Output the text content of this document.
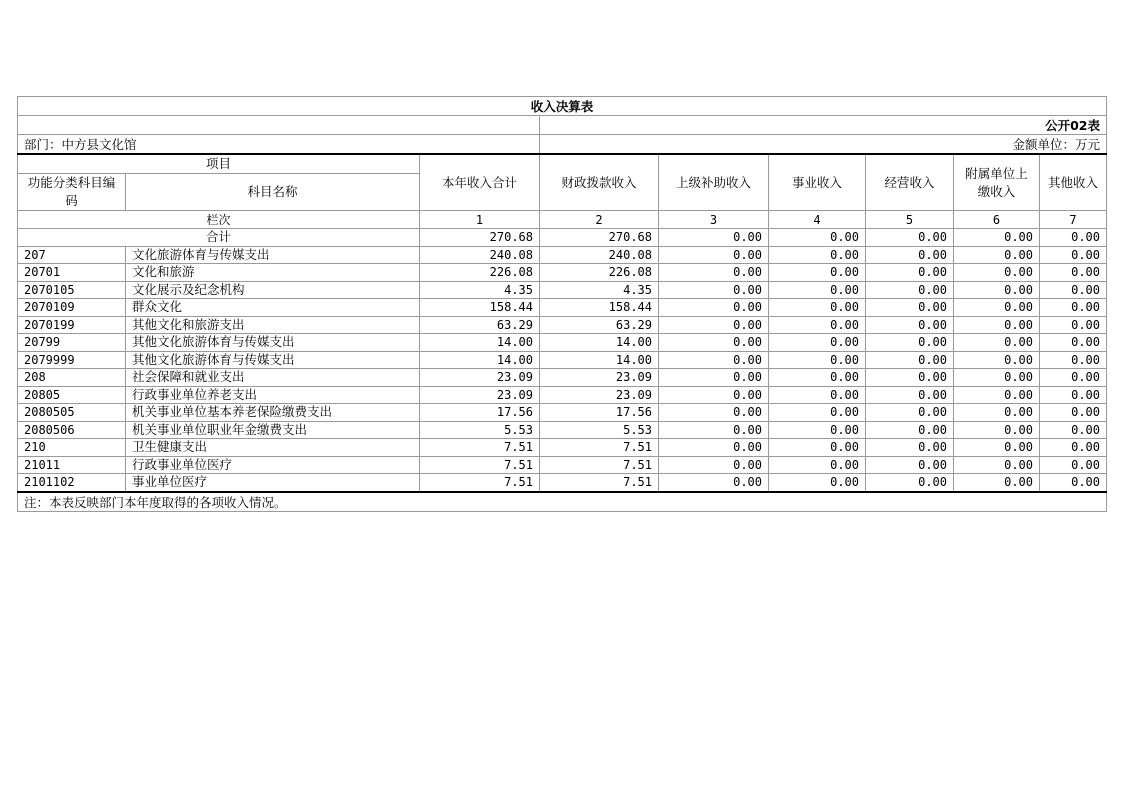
收入决算表								
			公开02表					
部门：中方县文化馆			金额单位：万元					
项目		本年收入合计	财政拨款收入	上级补助收入	事业收入	经营收入	附属单位上缴收入	其他收入
功能分类科目编码	科目名称							
栏次		1	2	3	4	5	6	7
合计		270.68	270.68	0.00	0.00	0.00	0.00	0.00
207	文化旅游体育与传媒支出	240.08	240.08	0.00	0.00	0.00	0.00	0.00
20701	文化和旅游	226.08	226.08	0.00	0.00	0.00	0.00	0.00
2070105	文化展示及纪念机构	4.35	4.35	0.00	0.00	0.00	0.00	0.00
2070109	群众文化	158.44	158.44	0.00	0.00	0.00	0.00	0.00
2070199	其他文化和旅游支出	63.29	63.29	0.00	0.00	0.00	0.00	0.00
20799	其他文化旅游体育与传媒支出	14.00	14.00	0.00	0.00	0.00	0.00	0.00
2079999	其他文化旅游体育与传媒支出	14.00	14.00	0.00	0.00	0.00	0.00	0.00
208	社会保障和就业支出	23.09	23.09	0.00	0.00	0.00	0.00	0.00
20805	行政事业单位养老支出	23.09	23.09	0.00	0.00	0.00	0.00	0.00
2080505	机关事业单位基本养老保险缴费支出	17.56	17.56	0.00	0.00	0.00	0.00	0.00
2080506	机关事业单位职业年金缴费支出	5.53	5.53	0.00	0.00	0.00	0.00	0.00
210	卫生健康支出	7.51	7.51	0.00	0.00	0.00	0.00	0.00
21011	行政事业单位医疗	7.51	7.51	0.00	0.00	0.00	0.00	0.00
2101102	事业单位医疗	7.51	7.51	0.00	0.00	0.00	0.00	0.00
注：本表反映部门本年度取得的各项收入情况。								
